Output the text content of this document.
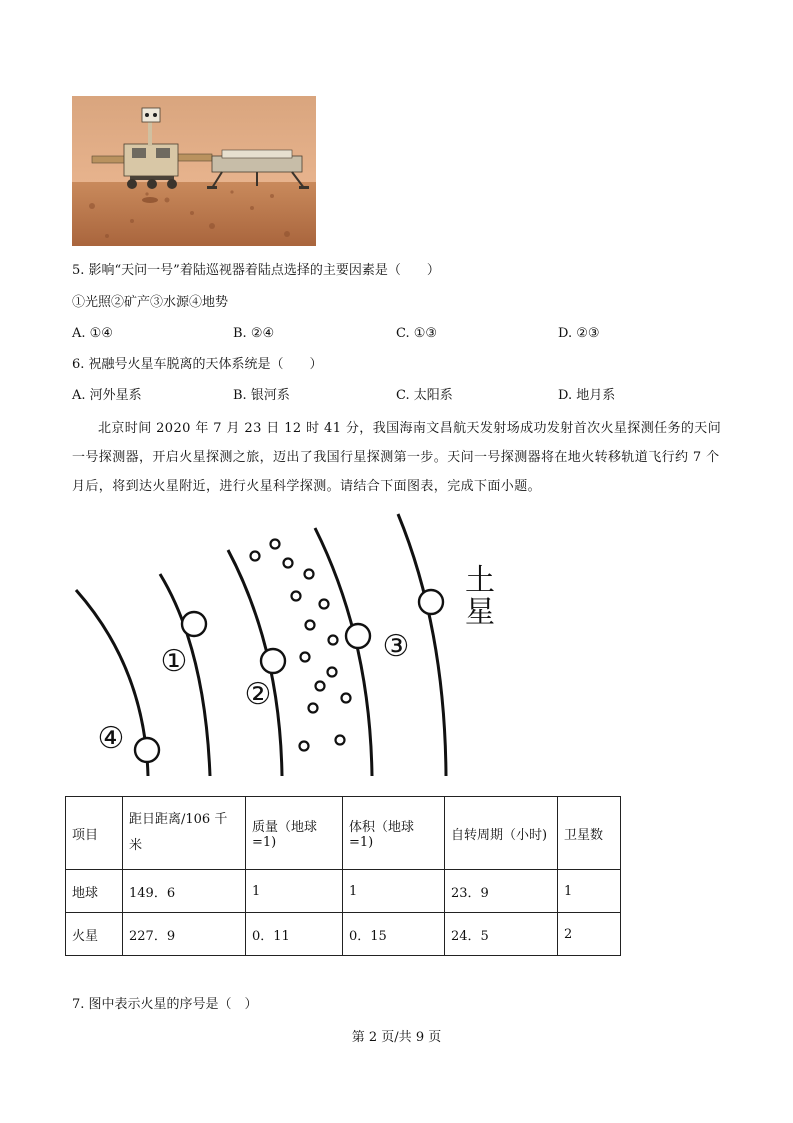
5. 影响“天问一号”着陆巡视器着陆点选择的主要因素是（　　）
①光照②矿产③水源④地势
A. ①④	B. ②④	C. ①③	D. ②③
6. 祝融号火星车脱离的天体系统是（　　）
A. 河外星系	B. 银河系	C. 太阳系	D. 地月系
北京时间 2020 年 7 月 23 日 12 时 41 分，我国海南文昌航天发射场成功发射首次火星探测任务的天问一号探测器，开启火星探测之旅，迈出了我国行星探测第一步。天问一号探测器将在地火转移轨道飞行约 7 个月后，将到达火星附近，进行火星科学探测。请结合下面图表，完成下面小题。
①
②
③
④
土
星
项目	距日距离/106 千米	质量（地球=1)	体积（地球=1)	自转周期（小时)	卫星数
地球	149．6	1	1	23．9	1
火星	227．9	0．11	0．15	24．5	2
7. 图中表示火星的序号是（　）
第 2 页/共 9 页
